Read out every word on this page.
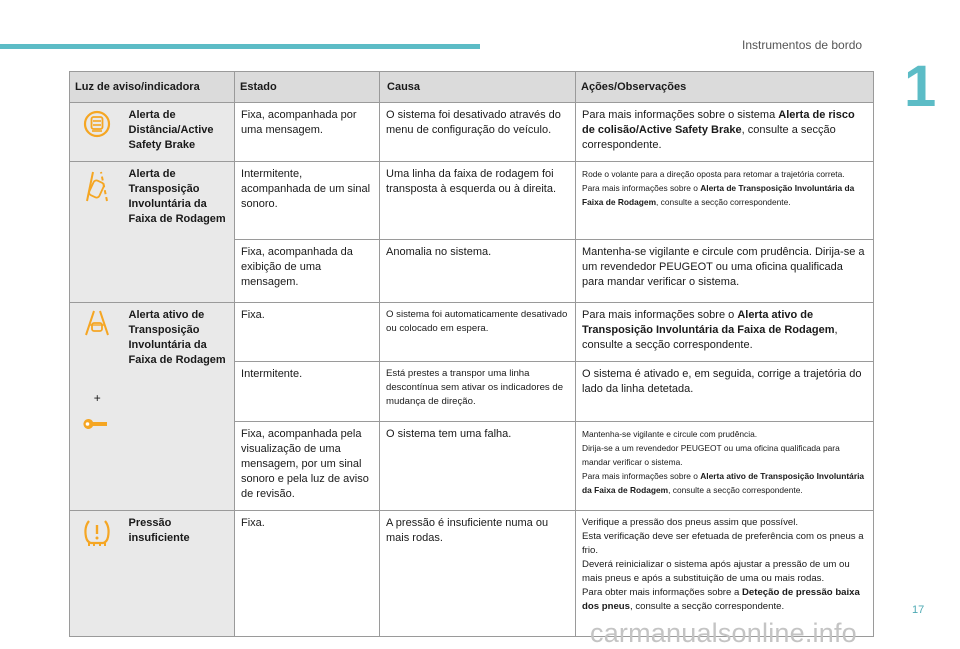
Instrumentos de bordo
1
Luz de aviso/indicadora		Estado	Causa	Ações/Observações

	Alerta de Distância/Active Safety Brake	Fixa, acompanhada por uma mensagem.	O sistema foi desativado através do menu de configuração do veículo.	Para mais informações sobre o sistema Alerta de risco de colisão/Active Safety Brake, consulte a secção correspondente.

	Alerta de Transposição Involuntária da Faixa de Rodagem	Intermitente, acompanhada de um sinal sonoro.	Uma linha da faixa de rodagem foi transposta à esquerda ou à direita.	Rode o volante para a direção oposta para retomar a trajetória correta.
Para mais informações sobre o Alerta de Transposição Involuntária da Faixa de Rodagem, consulte a secção correspondente.
		Fixa, acompanhada da exibição de uma mensagem.	Anomalia no sistema.	Mantenha-se vigilante e circule com prudência. Dirija-se a um revendedor PEUGEOT ou uma oficina qualificada para mandar verificar o sistema.

+	Alerta ativo de Transposição Involuntária da Faixa de Rodagem	Fixa.	O sistema foi automaticamente desativado ou colocado em espera.	Para mais informações sobre o Alerta ativo de Transposição Involuntária da Faixa de Rodagem, consulte a secção correspondente.
		Intermitente.	Está prestes a transpor uma linha descontínua sem ativar os indicadores de mudança de direção.	O sistema é ativado e, em seguida, corrige a trajetória do lado da linha detetada.
		Fixa, acompanhada pela visualização de uma mensagem, por um sinal sonoro e pela luz de aviso de revisão.	O sistema tem uma falha.	Mantenha-se vigilante e circule com prudência.
Dirija-se a um revendedor PEUGEOT ou uma oficina qualificada para mandar verificar o sistema.
Para mais informações sobre o Alerta ativo de Transposição Involuntária da Faixa de Rodagem, consulte a secção correspondente.

	Pressão insuficiente	Fixa.	A pressão é insuficiente numa ou mais rodas.	Verifique a pressão dos pneus assim que possível.
Esta verificação deve ser efetuada de preferência com os pneus a frio.
Deverá reinicializar o sistema após ajustar a pressão de um ou mais pneus e após a substituição de uma ou mais rodas.
Para obter mais informações sobre a Deteção de pressão baixa dos pneus, consulte a secção correspondente.	17
carmanualsonline.info
